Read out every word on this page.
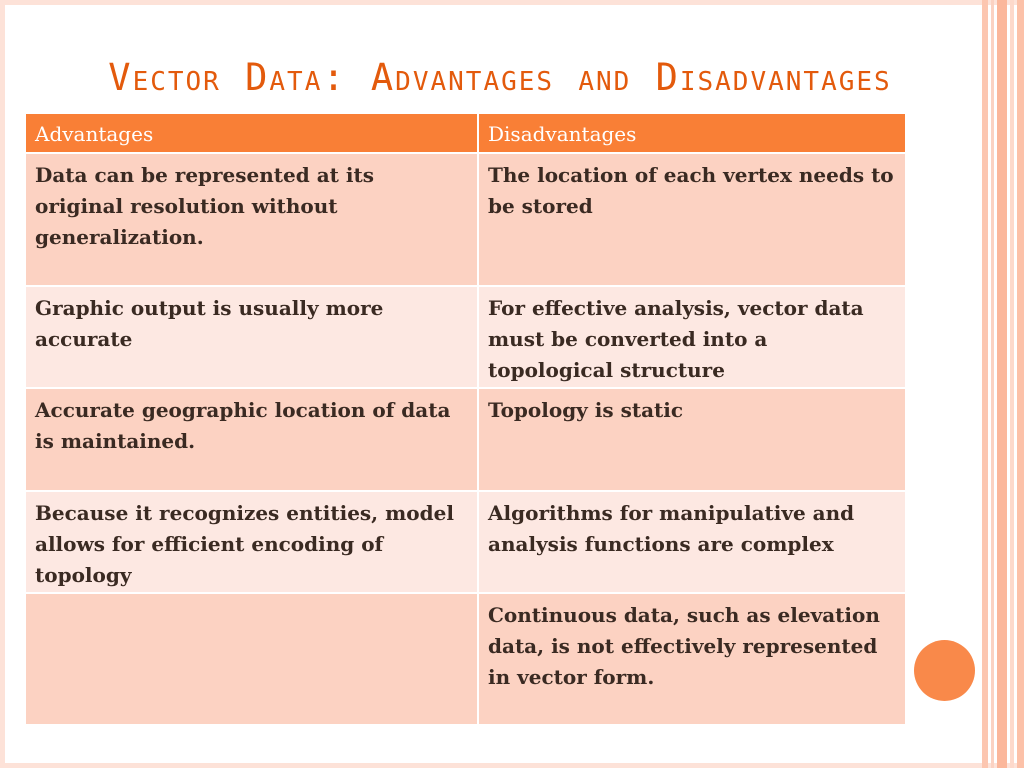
Vector Data: Advantages and Disadvantages
Advantages	Disadvantages
Data can be represented at its original resolution without generalization.	The location of each vertex needs to be stored
Graphic output is usually more accurate	For effective analysis, vector data must be converted into a topological structure
Accurate geographic location of data is maintained.	Topology is static
Because it recognizes entities, model allows for efficient encoding of topology	Algorithms for manipulative and analysis functions are complex
	Continuous data, such as elevation data, is not effectively represented in vector form.
